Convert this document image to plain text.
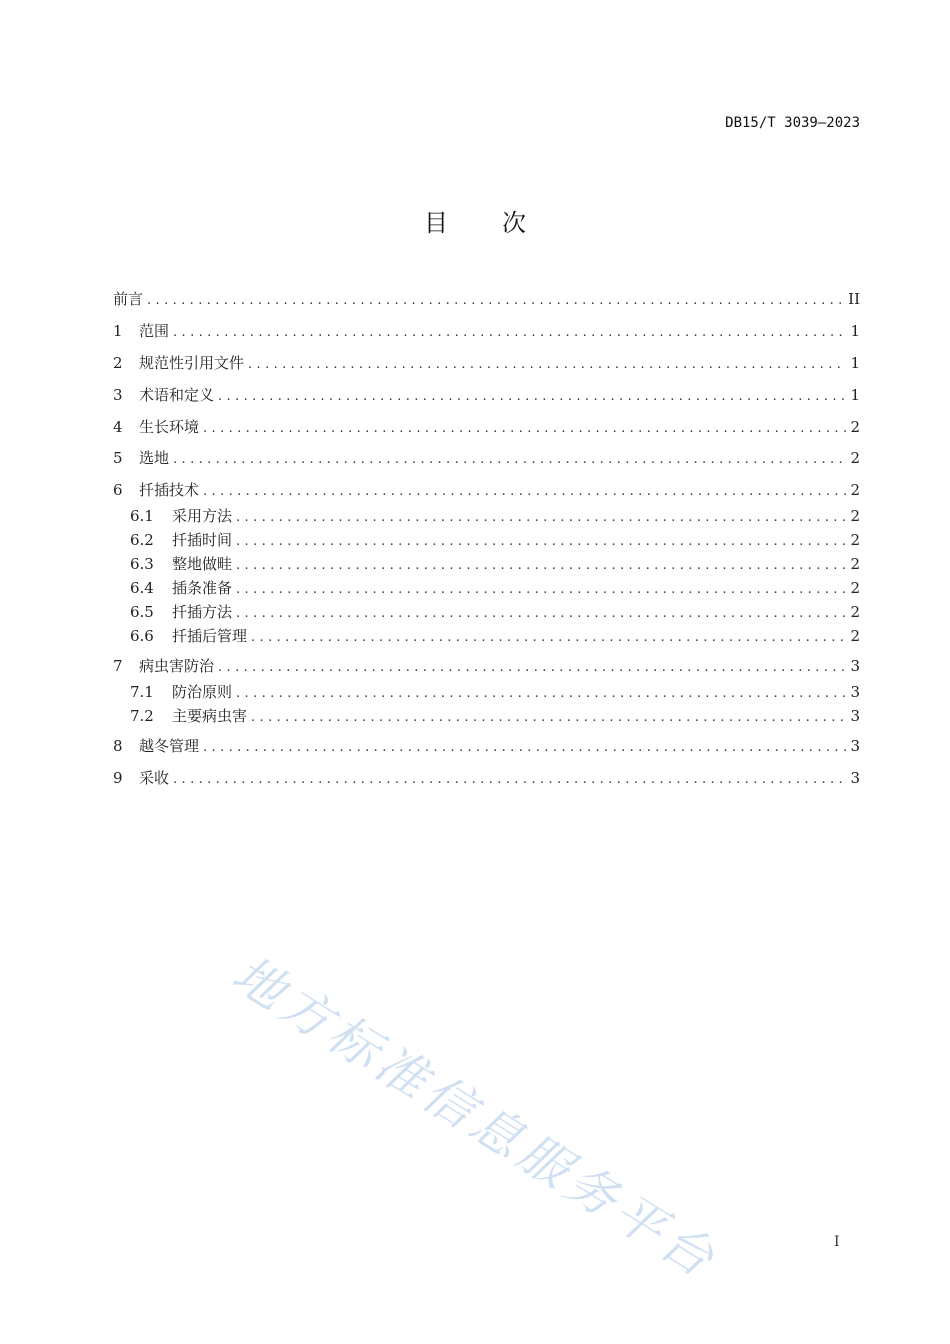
DB15/T 3039—2023
目次
前言 .....	II
1	范围 .....	1
2	规范性引用文件 .....	1
3	术语和定义 .....	1
4	生长环境 .....	2
5	选地 .....	2
6	扦插技术 .....	2
6.1	采用方法 .....	2
6.2	扦插时间 .....	2
6.3	整地做畦 .....	2
6.4	插条准备 .....	2
6.5	扦插方法 .....	2
6.6	扦插后管理 .....	2
7	病虫害防治 .....	3
7.1	防治原则 .....	3
7.2	主要病虫害 .....	3
8	越冬管理 .....	3
9	采收 .....	3
地方标准信息服务平台	I
